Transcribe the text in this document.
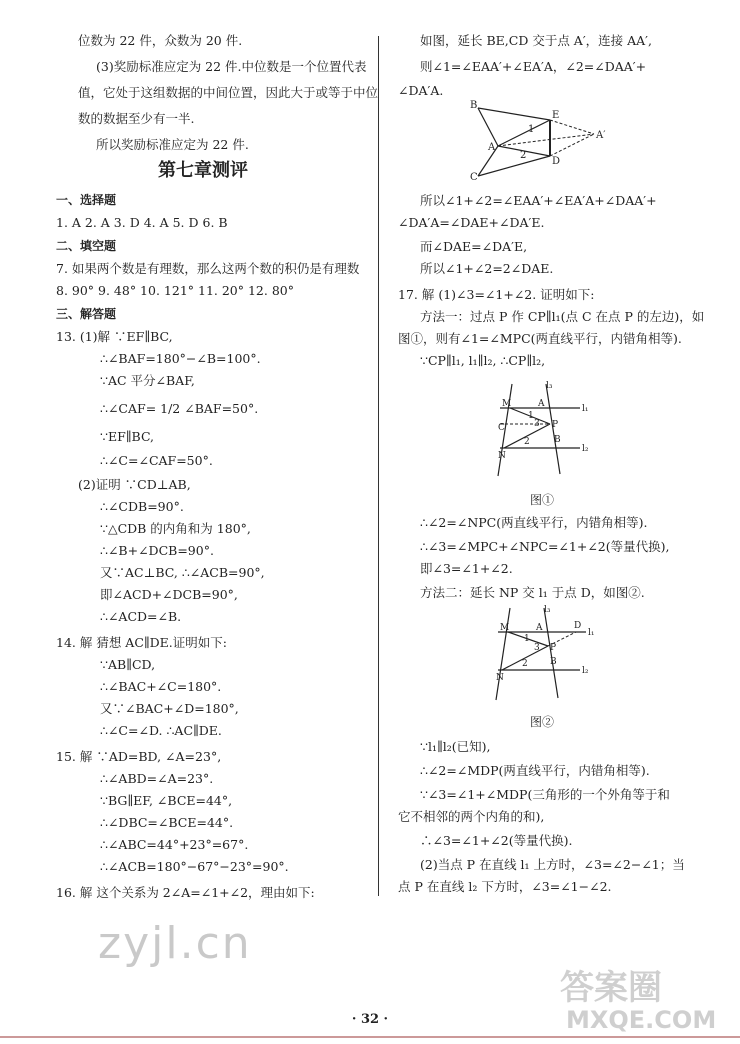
位数为 22 件，众数为 20 件.
(3)奖励标准应定为 22 件.中位数是一个位置代表
值，它处于这组数据的中间位置，因此大于或等于中位
数的数据至少有一半.
所以奖励标准应定为 22 件.
第七章测评
一、选择题
1. A 2. A 3. D 4. A 5. D 6. B
二、填空题
7. 如果两个数是有理数，那么这两个数的积仍是有理数
8. 90° 9. 48° 10. 121° 11. 20° 12. 80°
三、解答题
13. (1)解 ∵EF∥BC,
∴∠BAF=180°−∠B=100°.
∵AC 平分∠BAF,
∴∠CAF= 1/2 ∠BAF=50°.
∵EF∥BC,
∴∠C=∠CAF=50°.
(2)证明 ∵CD⊥AB,
∴∠CDB=90°.
∵△CDB 的内角和为 180°,
∴∠B+∠DCB=90°.
又∵AC⊥BC, ∴∠ACB=90°,
即∠ACD+∠DCB=90°,
∴∠ACD=∠B.
14. 解 猜想 AC∥DE.证明如下:
∵AB∥CD,
∴∠BAC+∠C=180°.
又∵∠BAC+∠D=180°,
∴∠C=∠D. ∴AC∥DE.
15. 解 ∵AD=BD, ∠A=23°,
∴∠ABD=∠A=23°.
∵BG∥EF, ∠BCE=44°,
∴∠DBC=∠BCE=44°.
∴∠ABC=44°+23°=67°.
∴∠ACB=180°−67°−23°=90°.
16. 解 这个关系为 2∠A=∠1+∠2，理由如下:
如图，延长 BE,CD 交于点 A′，连接 AA′,
则∠1=∠EAA′+∠EA′A，∠2=∠DAA′+
∠DA′A.
B
E
A
C
D
A′
1
2
所以∠1+∠2=∠EAA′+∠EA′A+∠DAA′+
∠DA′A=∠DAE+∠DA′E.
而∠DAE=∠DA′E,
所以∠1+∠2=2∠DAE.
17. 解 (1)∠3=∠1+∠2. 证明如下:
方法一：过点 P 作 CP∥l₁(点 C 在点 P 的左边)，如
图①，则有∠1=∠MPC(两直线平行，内错角相等).
∵CP∥l₁, l₁∥l₂, ∴CP∥l₂,
l₃
l₁
l₂
M	A
C	P
N
B
1
3
2
图①
∴∠2=∠NPC(两直线平行，内错角相等).
∴∠3=∠MPC+∠NPC=∠1+∠2(等量代换),
即∠3=∠1+∠2.
方法二：延长 NP 交 l₁ 于点 D，如图②.
l₃
l₁
l₂
M	A	D
P
N
B
1
3
2
图②
∵l₁∥l₂(已知),
∴∠2=∠MDP(两直线平行，内错角相等).
∵∠3=∠1+∠MDP(三角形的一个外角等于和
它不相邻的两个内角的和),
∴∠3=∠1+∠2(等量代换).
(2)当点 P 在直线 l₁ 上方时，∠3=∠2−∠1；当
点 P 在直线 l₂ 下方时，∠3=∠1−∠2.
zyjl.cn
答案圈
MXQE.COM
· 32 ·
